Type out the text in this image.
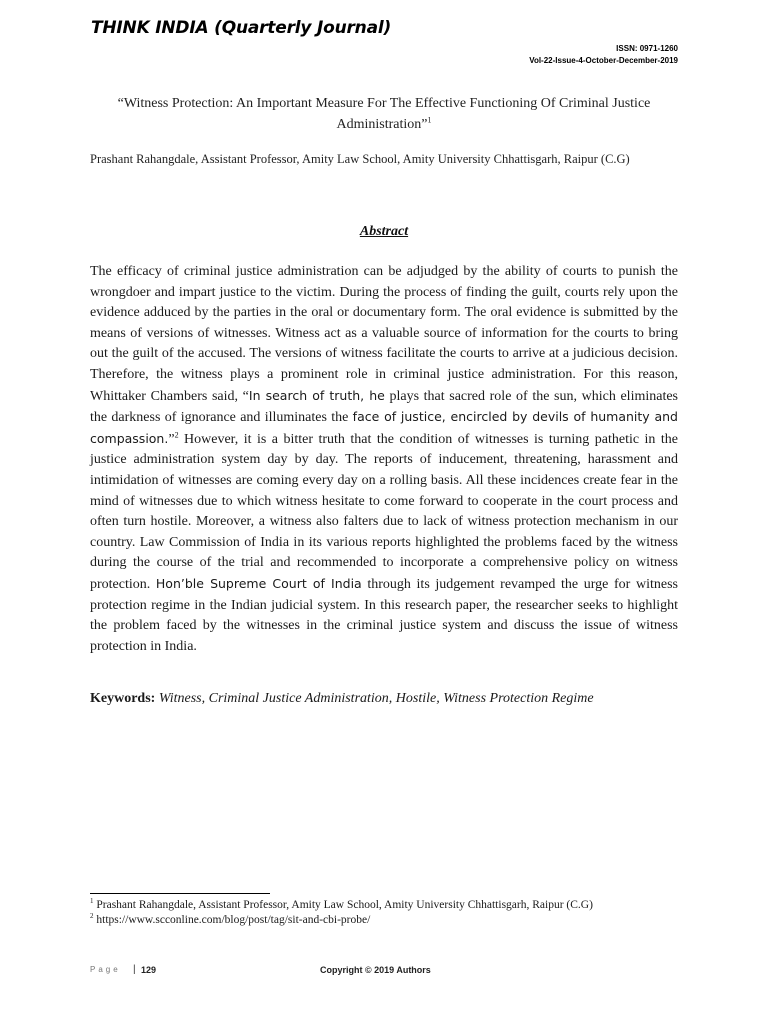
THINK INDIA (Quarterly Journal)
ISSN: 0971-1260
Vol-22-Issue-4-October-December-2019
“Witness Protection: An Important Measure For The Effective Functioning Of Criminal Justice Administration”$^1$
Prashant Rahangdale, Assistant Professor, Amity Law School, Amity University Chhattisgarh, Raipur (C.G)
Abstract

The efficacy of criminal justice administration can be adjudged by the ability of courts to punish the wrongdoer and impart justice to the victim. During the process of finding the guilt, courts rely upon the evidence adduced by the parties in the oral or documentary form. The oral evidence is submitted by the means of versions of witnesses. Witness act as a valuable source of information for the courts to bring out the guilt of the accused. The versions of witness facilitate the courts to arrive at a judicious decision. Therefore, the witness plays a prominent role in criminal justice administration. For this reason, Whittaker Chambers said, “In search of truth, he plays that sacred role of the sun, which eliminates the darkness of ignorance and illuminates the face of justice, encircled by devils of humanity and compassion.”$^2$ However, it is a bitter truth that the condition of witnesses is turning pathetic in the justice administration system day by day. The reports of inducement, threatening, harassment and intimidation of witnesses are coming every day on a rolling basis. All these incidences create fear in the mind of witnesses due to which witness hesitate to come forward to cooperate in the court process and often turn hostile. Moreover, a witness also falters due to lack of witness protection mechanism in our country. Law Commission of India in its various reports highlighted the problems faced by the witness during the course of the trial and recommended to incorporate a comprehensive policy on witness protection. Hon’ble Supreme Court of India through its judgement revamped the urge for witness protection regime in the Indian judicial system. In this research paper, the researcher seeks to highlight the problem faced by the witnesses in the criminal justice system and discuss the issue of witness protection in India.

Keywords: Witness, Criminal Justice Administration, Hostile, Witness Protection Regime
$^1$ Prashant Rahangdale, Assistant Professor, Amity Law School, Amity University Chhattisgarh, Raipur (C.G)
$^2$ https://www.scconline.com/blog/post/tag/sit-and-cbi-probe/
Page | 129	Copyright © 2019 Authors
